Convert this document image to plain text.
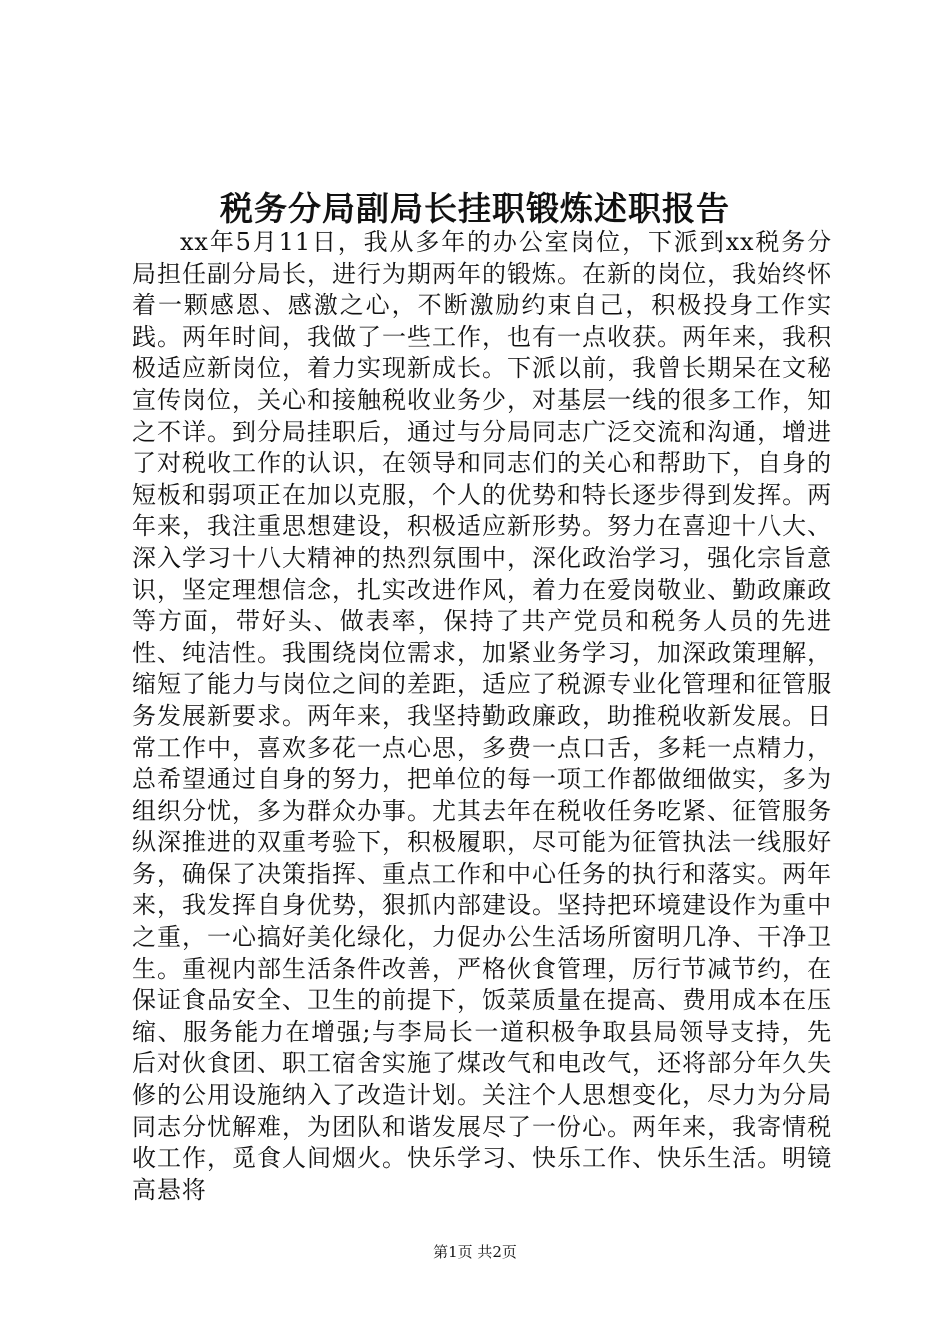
税务分局副局长挂职锻炼述职报告

xx年5月11日，我从多年的办公室岗位，下派到xx税务分局担任副分局长，进行为期两年的锻炼。在新的岗位，我始终怀着一颗感恩、感激之心，不断激励约束自己，积极投身工作实践。两年时间，我做了一些工作，也有一点收获。两年来，我积极适应新岗位，着力实现新成长。下派以前，我曾长期呆在文秘宣传岗位，关心和接触税收业务少，对基层一线的很多工作，知之不详。到分局挂职后，通过与分局同志广泛交流和沟通，增进了对税收工作的认识，在领导和同志们的关心和帮助下，自身的短板和弱项正在加以克服，个人的优势和特长逐步得到发挥。两年来，我注重思想建设，积极适应新形势。努力在喜迎十八大、深入学习十八大精神的热烈氛围中，深化政治学习，强化宗旨意识，坚定理想信念，扎实改进作风，着力在爱岗敬业、勤政廉政等方面，带好头、做表率，保持了共产党员和税务人员的先进性、纯洁性。我围绕岗位需求，加紧业务学习，加深政策理解，缩短了能力与岗位之间的差距，适应了税源专业化管理和征管服务发展新要求。两年来，我坚持勤政廉政，助推税收新发展。日常工作中，喜欢多花一点心思，多费一点口舌，多耗一点精力，总希望通过自身的努力，把单位的每一项工作都做细做实，多为组织分忧，多为群众办事。尤其去年在税收任务吃紧、征管服务纵深推进的双重考验下，积极履职，尽可能为征管执法一线服好务，确保了决策指挥、重点工作和中心任务的执行和落实。两年来，我发挥自身优势，狠抓内部建设。坚持把环境建设作为重中之重，一心搞好美化绿化，力促办公生活场所窗明几净、干净卫生。重视内部生活条件改善，严格伙食管理，厉行节减节约，在保证食品安全、卫生的前提下，饭菜质量在提高、费用成本在压缩、服务能力在增强;与李局长一道积极争取县局领导支持，先后对伙食团、职工宿舍实施了煤改气和电改气，还将部分年久失修的公用设施纳入了改造计划。关注个人思想变化，尽力为分局同志分忧解难，为团队和谐发展尽了一份心。两年来，我寄情税收工作，觅食人间烟火。快乐学习、快乐工作、快乐生活。明镜高悬将

第1页 共2页
